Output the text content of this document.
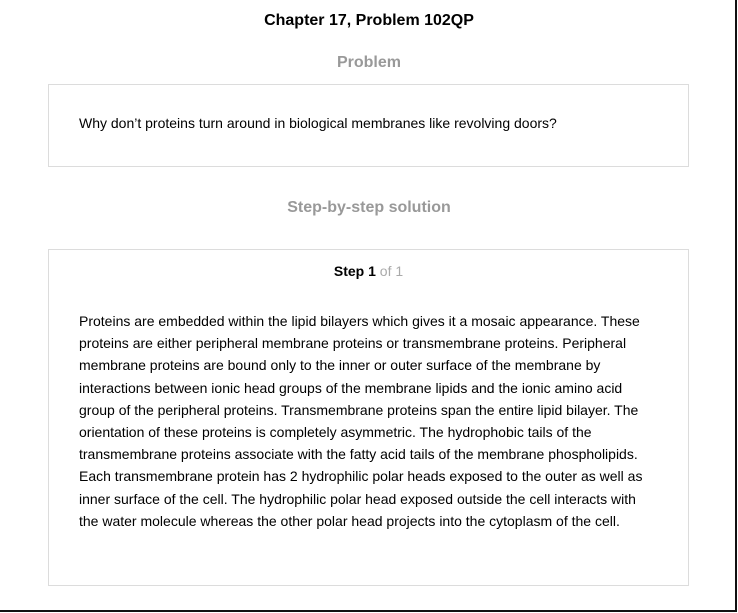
Chapter 17, Problem 102QP
Problem
Why don’t proteins turn around in biological membranes like revolving doors?
Step-by-step solution
Step 1 of 1
Proteins are embedded within the lipid bilayers which gives it a mosaic appearance. These proteins are either peripheral membrane proteins or transmembrane proteins. Peripheral membrane proteins are bound only to the inner or outer surface of the membrane by interactions between ionic head groups of the membrane lipids and the ionic amino acid group of the peripheral proteins. Transmembrane proteins span the entire lipid bilayer. The orientation of these proteins is completely asymmetric. The hydrophobic tails of the transmembrane proteins associate with the fatty acid tails of the membrane phospholipids. Each transmembrane protein has 2 hydrophilic polar heads exposed to the outer as well as inner surface of the cell. The hydrophilic polar head exposed outside the cell interacts with the water molecule whereas the other polar head projects into the cytoplasm of the cell.
